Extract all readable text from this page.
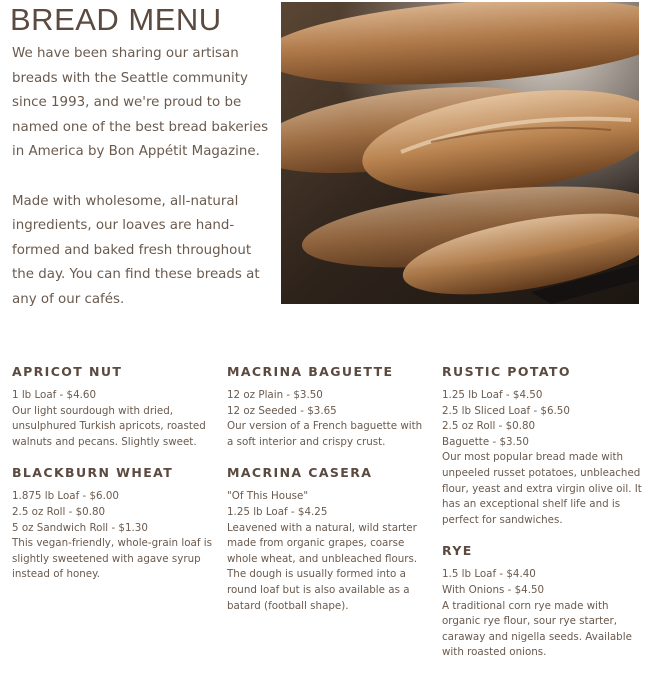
BREAD MENU

We have been sharing our artisan breads with the Seattle community since 1993, and we're proud to be named one of the best bread bakeries in America by Bon Appétit Magazine.

Made with wholesome, all-natural ingredients, our loaves are hand-formed and baked fresh throughout the day. You can find these breads at any of our cafés.

APRICOT NUT
1 lb Loaf - $4.60
Our light sourdough with dried, unsulphured Turkish apricots, roasted walnuts and pecans. Slightly sweet.
BLACKBURN WHEAT
1.875 lb Loaf - $6.00
2.5 oz Roll - $0.80
5 oz Sandwich Roll - $1.30
This vegan-friendly, whole-grain loaf is slightly sweetened with agave syrup instead of honey.
MACRINA BAGUETTE
12 oz Plain - $3.50
12 oz Seeded - $3.65
Our version of a French baguette with a soft interior and crispy crust.
MACRINA CASERA
"Of This House"
1.25 lb Loaf - $4.25
Leavened with a natural, wild starter made from organic grapes, coarse whole wheat, and unbleached flours. The dough is usually formed into a round loaf but is also available as a batard (football shape).
RUSTIC POTATO
1.25 lb Loaf - $4.50
2.5 lb Sliced Loaf - $6.50
2.5 oz Roll - $0.80
Baguette - $3.50
Our most popular bread made with unpeeled russet potatoes, unbleached flour, yeast and extra virgin olive oil. It has an exceptional shelf life and is perfect for sandwiches.
RYE
1.5 lb Loaf - $4.40
With Onions - $4.50
A traditional corn rye made with organic rye flour, sour rye starter, caraway and nigella seeds. Available with roasted onions.
